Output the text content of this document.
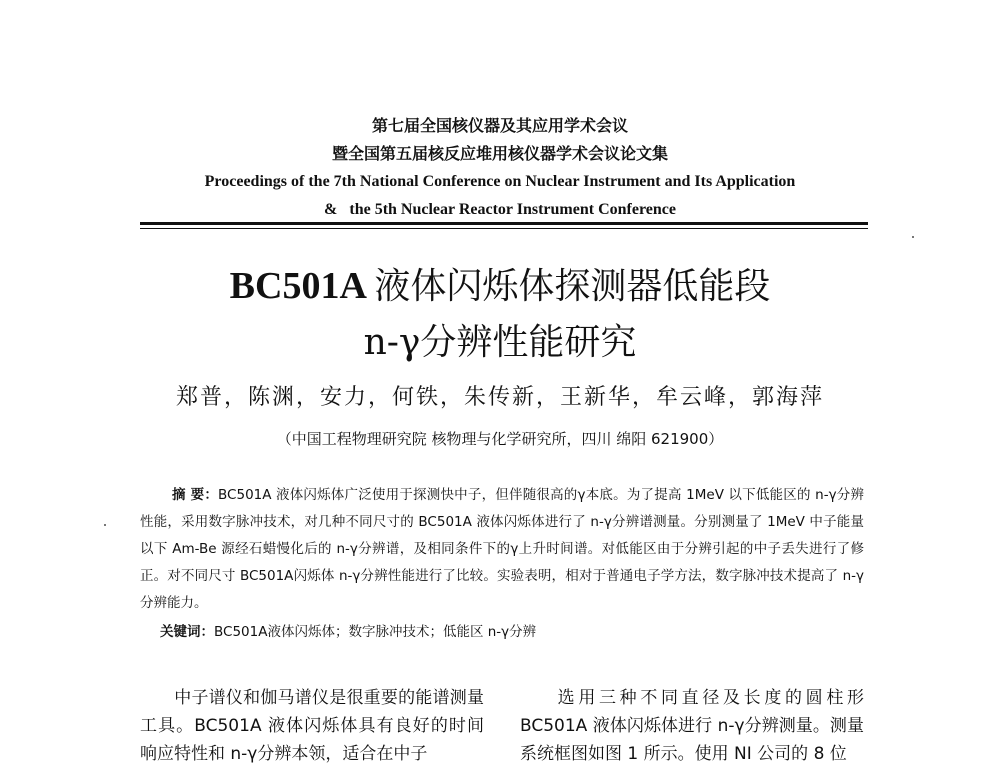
第七届全国核仪器及其应用学术会议
暨全国第五届核反应堆用核仪器学术会议论文集
Proceedings of the 7th National Conference on Nuclear Instrument and Its Application
&   the 5th Nuclear Reactor Instrument Conference
BC501A 液体闪烁体探测器低能段
n-γ分辨性能研究
郑普，陈渊，安力，何铁，朱传新，王新华，牟云峰，郭海萍
（中国工程物理研究院 核物理与化学研究所，四川 绵阳 621900）
摘 要：BC501A 液体闪烁体广泛使用于探测快中子，但伴随很高的γ本底。为了提高 1MeV 以下低能区的 n-γ分辨性能，采用数字脉冲技术，对几种不同尺寸的 BC501A 液体闪烁体进行了 n-γ分辨谱测量。分别测量了 1MeV 中子能量以下 Am-Be 源经石蜡慢化后的 n-γ分辨谱，及相同条件下的γ上升时间谱。对低能区由于分辨引起的中子丢失进行了修正。对不同尺寸 BC501A闪烁体 n-γ分辨性能进行了比较。实验表明，相对于普通电子学方法，数字脉冲技术提高了 n-γ分辨能力。
关键词：BC501A液体闪烁体；数字脉冲技术；低能区 n-γ分辨
中子谱仪和伽马谱仪是很重要的能谱测量工具。BC501A 液体闪烁体具有良好的时间响应特性和 n-γ分辨本领，适合在中子
选用三种不同直径及长度的圆柱形 BC501A 液体闪烁体进行 n-γ分辨测量。测量系统框图如图 1 所示。使用 NI 公司的 8 位
